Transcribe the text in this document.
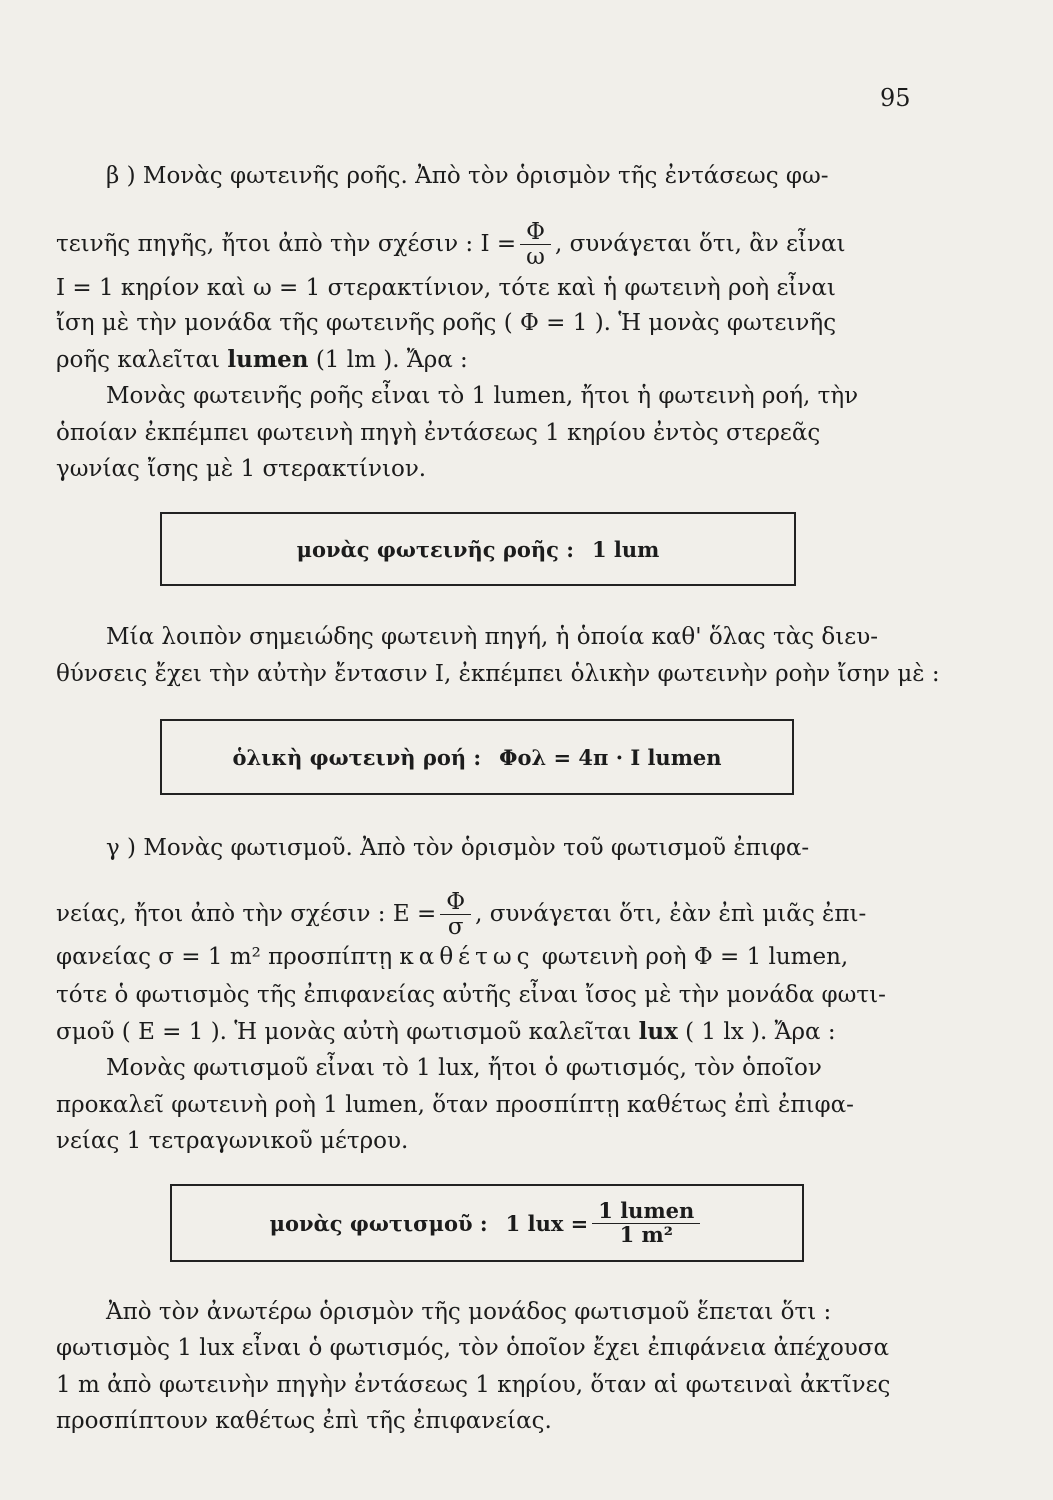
95
β ) Μονὰς φωτεινῆς ροῆς. Ἀπὸ τὸν ὁρισμὸν τῆς ἐντάσεως φω-
τεινῆς πηγῆς, ἤτοι ἀπὸ τὴν σχέσιν : $I = \frac{\Phi}{\omega}$ , συνάγεται ὅτι, ἂν εἶναι
I = 1 κηρίον καὶ ω = 1 στερακτίνιον, τότε καὶ ἡ φωτεινὴ ροὴ εἶναι
ἴση μὲ τὴν μονάδα τῆς φωτεινῆς ροῆς ( Φ = 1 ). Ἡ μονὰς φωτεινῆς
ροῆς καλεῖται lumen (1 lm ). Ἄρα :
Μονὰς φωτεινῆς ροῆς εἶναι τὸ 1 lumen, ἤτοι ἡ φωτεινὴ ροή, τὴν
ὁποίαν ἐκπέμπει φωτεινὴ πηγὴ ἐντάσεως 1 κηρίου ἐντὸς στερεᾶς
γωνίας ἴσης μὲ 1 στερακτίνιον.
μονὰς φωτεινῆς ροῆς : 1 lum
Μία λοιπὸν σημειώδης φωτεινὴ πηγή, ἡ ὁποία καθ' ὅλας τὰς διευ-
θύνσεις ἔχει τὴν αὐτὴν ἔντασιν I, ἐκπέμπει ὁλικὴν φωτεινὴν ροὴν ἴσην μὲ :
ὁλικὴ φωτεινὴ ροή : Φολ = 4π · I lumen
γ ) Μονὰς φωτισμοῦ. Ἀπὸ τὸν ὁρισμὸν τοῦ φωτισμοῦ ἐπιφα-
νείας, ἤτοι ἀπὸ τὴν σχέσιν : $E = \frac{\Phi}{\sigma}$ , συνάγεται ὅτι, ἐὰν ἐπὶ μιᾶς ἐπι-
φανείας σ = 1 m² προσπίπτῃ καθέτως φωτεινὴ ροὴ Φ = 1 lumen,
τότε ὁ φωτισμὸς τῆς ἐπιφανείας αὐτῆς εἶναι ἴσος μὲ τὴν μονάδα φωτι-
σμοῦ ( E = 1 ). Ἡ μονὰς αὐτὴ φωτισμοῦ καλεῖται lux ( 1 lx ). Ἄρα :
Μονὰς φωτισμοῦ εἶναι τὸ 1 lux, ἤτοι ὁ φωτισμός, τὸν ὁποῖον
προκαλεῖ φωτεινὴ ροὴ 1 lumen, ὅταν προσπίπτῃ καθέτως ἐπὶ ἐπιφα-
νείας 1 τετραγωνικοῦ μέτρου.
μονὰς φωτισμοῦ : 1 lux = $\frac{\text{1 lumen}}{\text{1 m²}}$
Ἀπὸ τὸν ἀνωτέρω ὁρισμὸν τῆς μονάδος φωτισμοῦ ἕπεται ὅτι :
φωτισμὸς 1 lux εἶναι ὁ φωτισμός, τὸν ὁποῖον ἔχει ἐπιφάνεια ἀπέχουσα
1 m ἀπὸ φωτεινὴν πηγὴν ἐντάσεως 1 κηρίου, ὅταν αἱ φωτειναὶ ἀκτῖνες
προσπίπτουν καθέτως ἐπὶ τῆς ἐπιφανείας.
